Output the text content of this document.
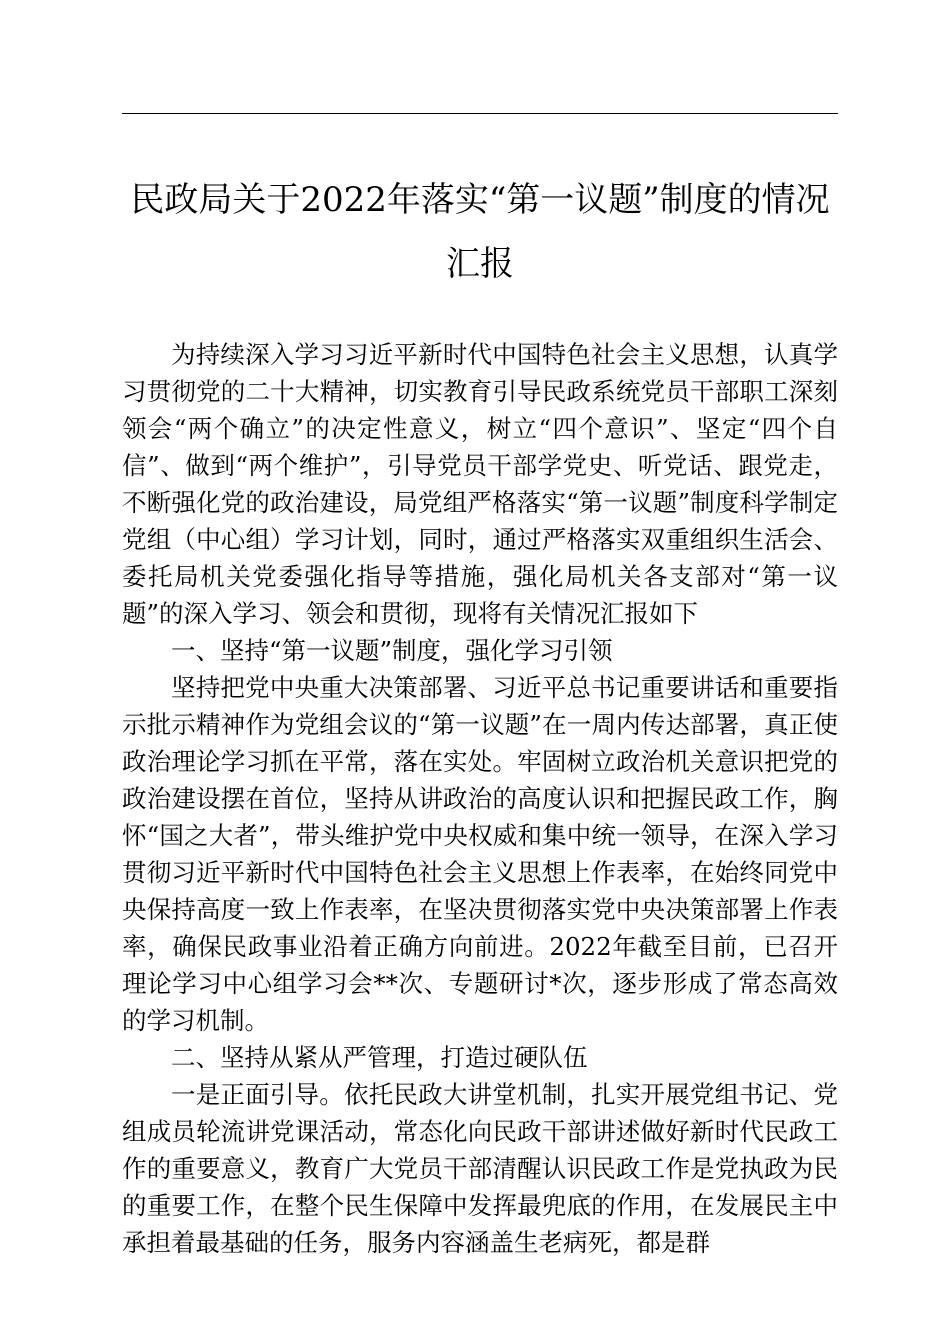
民政局关于2022年落实“第一议题”制度的情况汇报

为持续深入学习习近平新时代中国特色社会主义思想，认真学习贯彻党的二十大精神，切实教育引导民政系统党员干部职工深刻领会“两个确立”的决定性意义，树立“四个意识”、坚定“四个自信”、做到“两个维护”，引导党员干部学党史、听党话、跟党走，不断强化党的政治建设，局党组严格落实“第一议题”制度科学制定党组（中心组）学习计划，同时，通过严格落实双重组织生活会、委托局机关党委强化指导等措施，强化局机关各支部对“第一议题”的深入学习、领会和贯彻，现将有关情况汇报如下

一、坚持“第一议题”制度，强化学习引领

坚持把党中央重大决策部署、习近平总书记重要讲话和重要指示批示精神作为党组会议的“第一议题”在一周内传达部署，真正使政治理论学习抓在平常，落在实处。牢固树立政治机关意识把党的政治建设摆在首位，坚持从讲政治的高度认识和把握民政工作，胸怀“国之大者”，带头维护党中央权威和集中统一领导，在深入学习贯彻习近平新时代中国特色社会主义思想上作表率，在始终同党中央保持高度一致上作表率，在坚决贯彻落实党中央决策部署上作表率，确保民政事业沿着正确方向前进。2022年截至目前，已召开理论学习中心组学习会**次、专题研讨*次，逐步形成了常态高效的学习机制。

二、坚持从紧从严管理，打造过硬队伍

一是正面引导。依托民政大讲堂机制，扎实开展党组书记、党组成员轮流讲党课活动，常态化向民政干部讲述做好新时代民政工作的重要意义，教育广大党员干部清醒认识民政工作是党执政为民的重要工作，在整个民生保障中发挥最兜底的作用，在发展民主中承担着最基础的任务，服务内容涵盖生老病死，都是群
